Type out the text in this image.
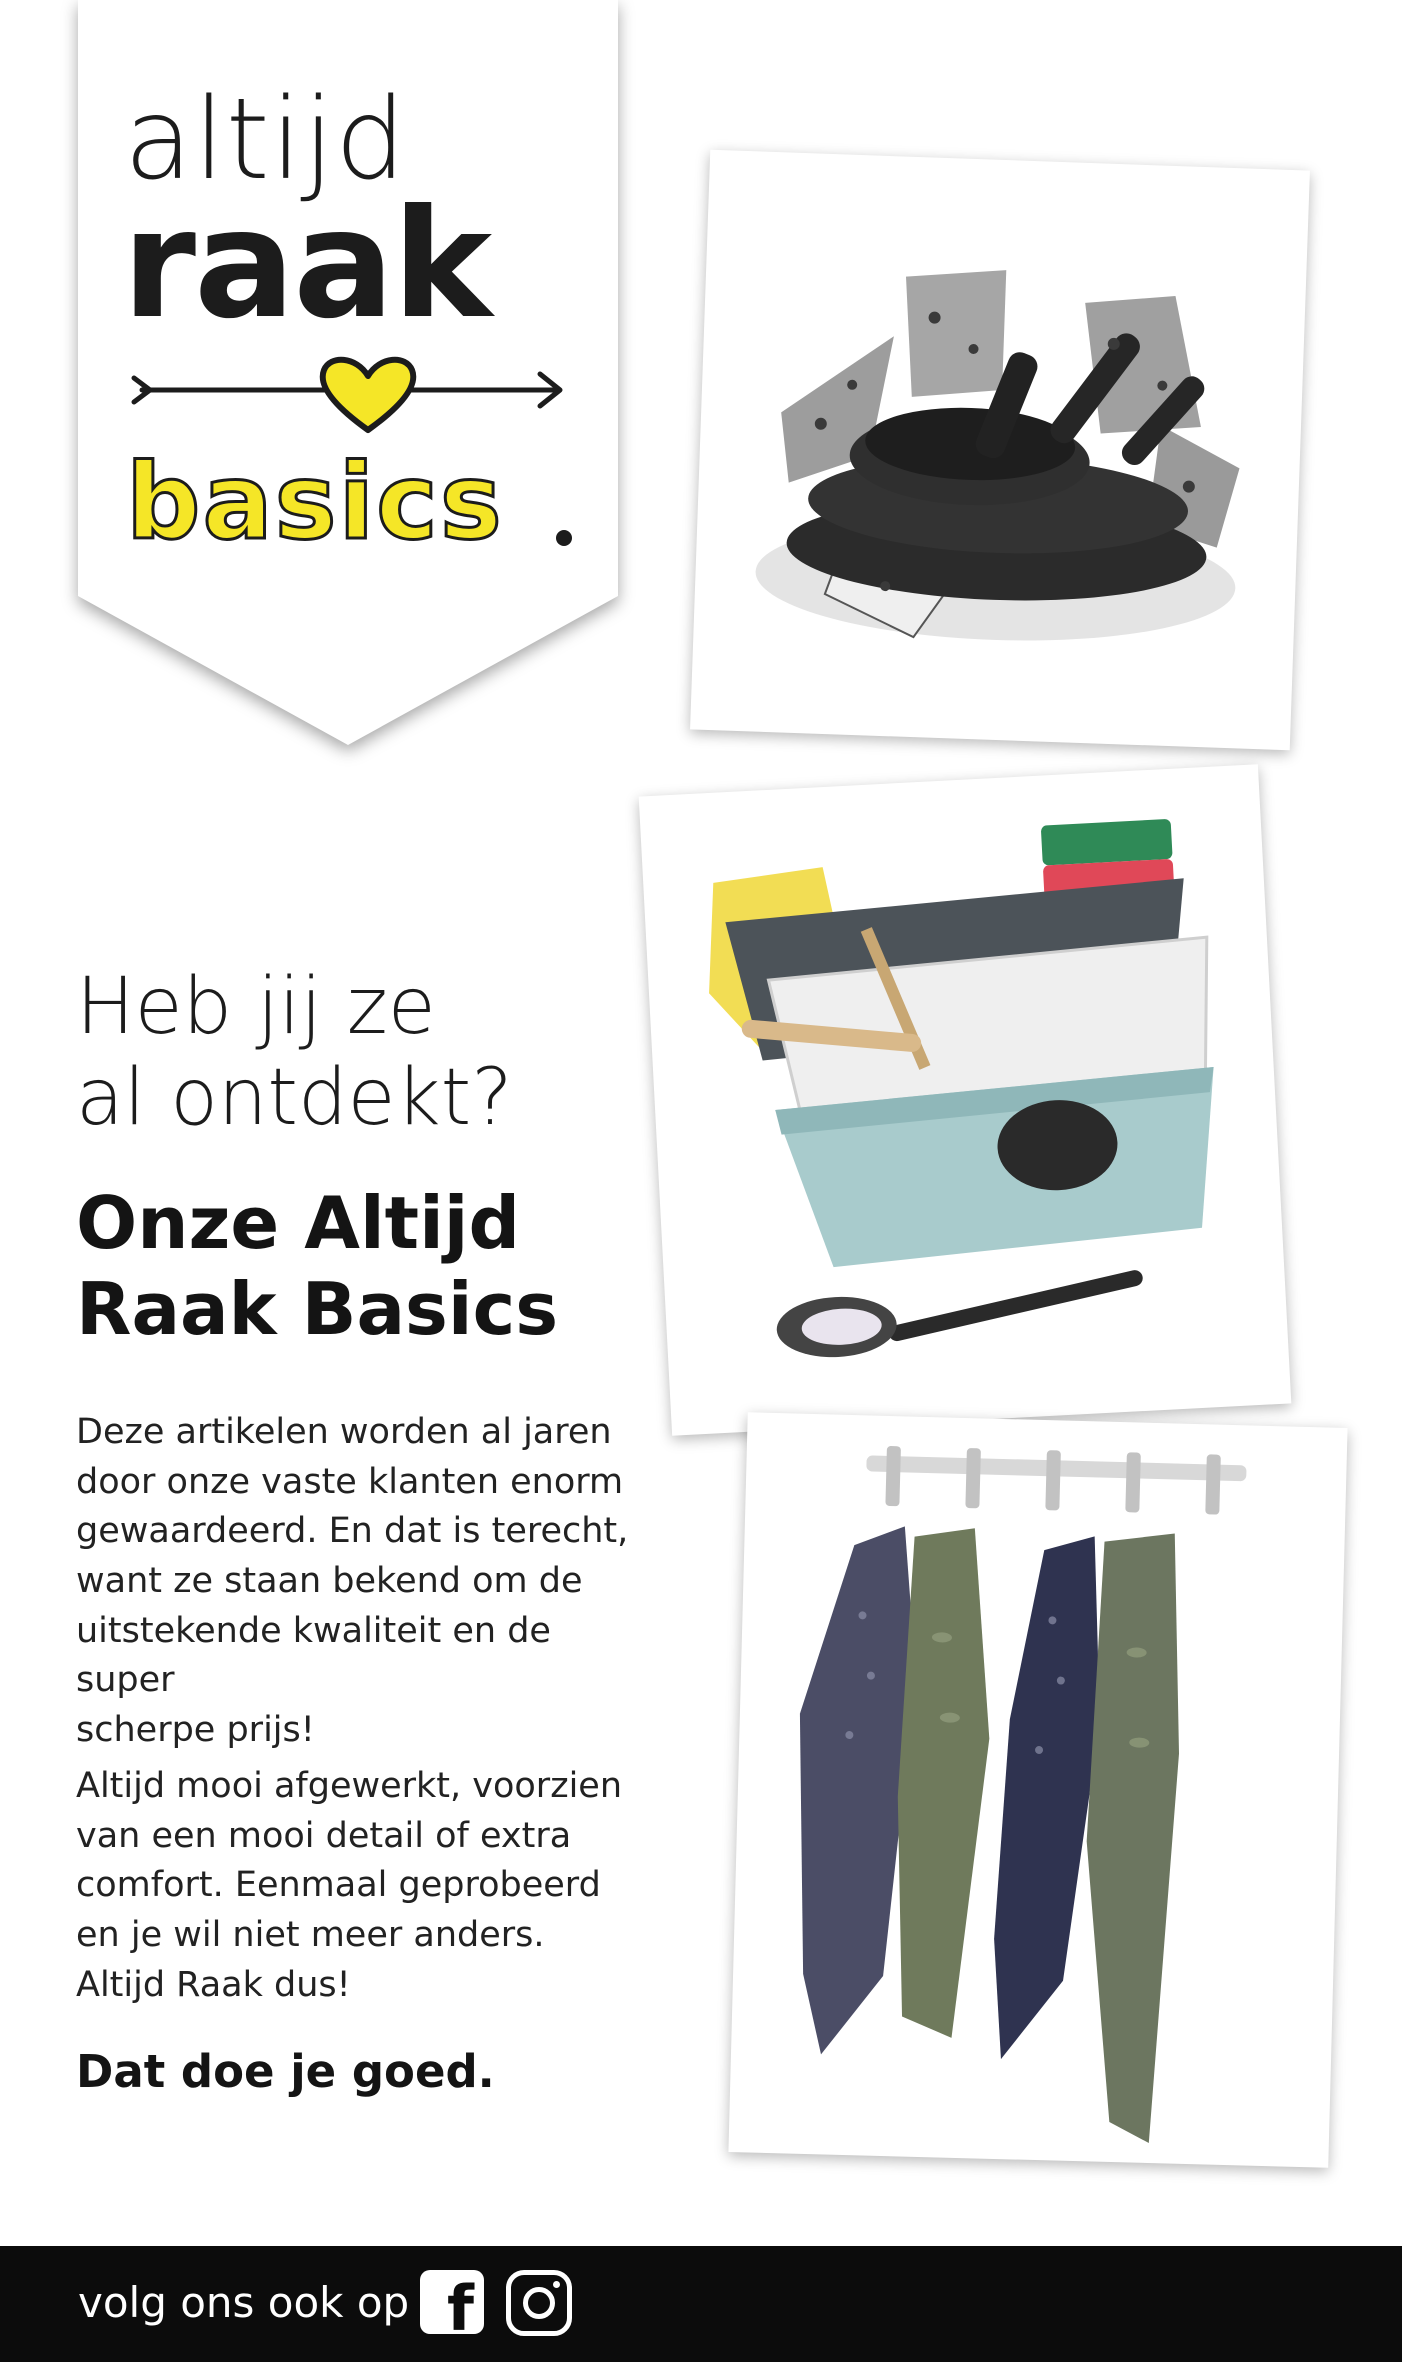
altijd
raak
basics
Heb jij ze
al ontdekt?
Onze Altijd
Raak Basics
Deze artikelen worden al jaren
door onze vaste klanten enorm
gewaardeerd. En dat is terecht,
want ze staan bekend om de
uitstekende kwaliteit en de super
scherpe prijs!
Altijd mooi afgewerkt, voorzien
van een mooi detail of extra
comfort. Eenmaal geprobeerd
en je wil niet meer anders.
Altijd Raak dus!
Dat doe je goed.
volg ons ook op f
